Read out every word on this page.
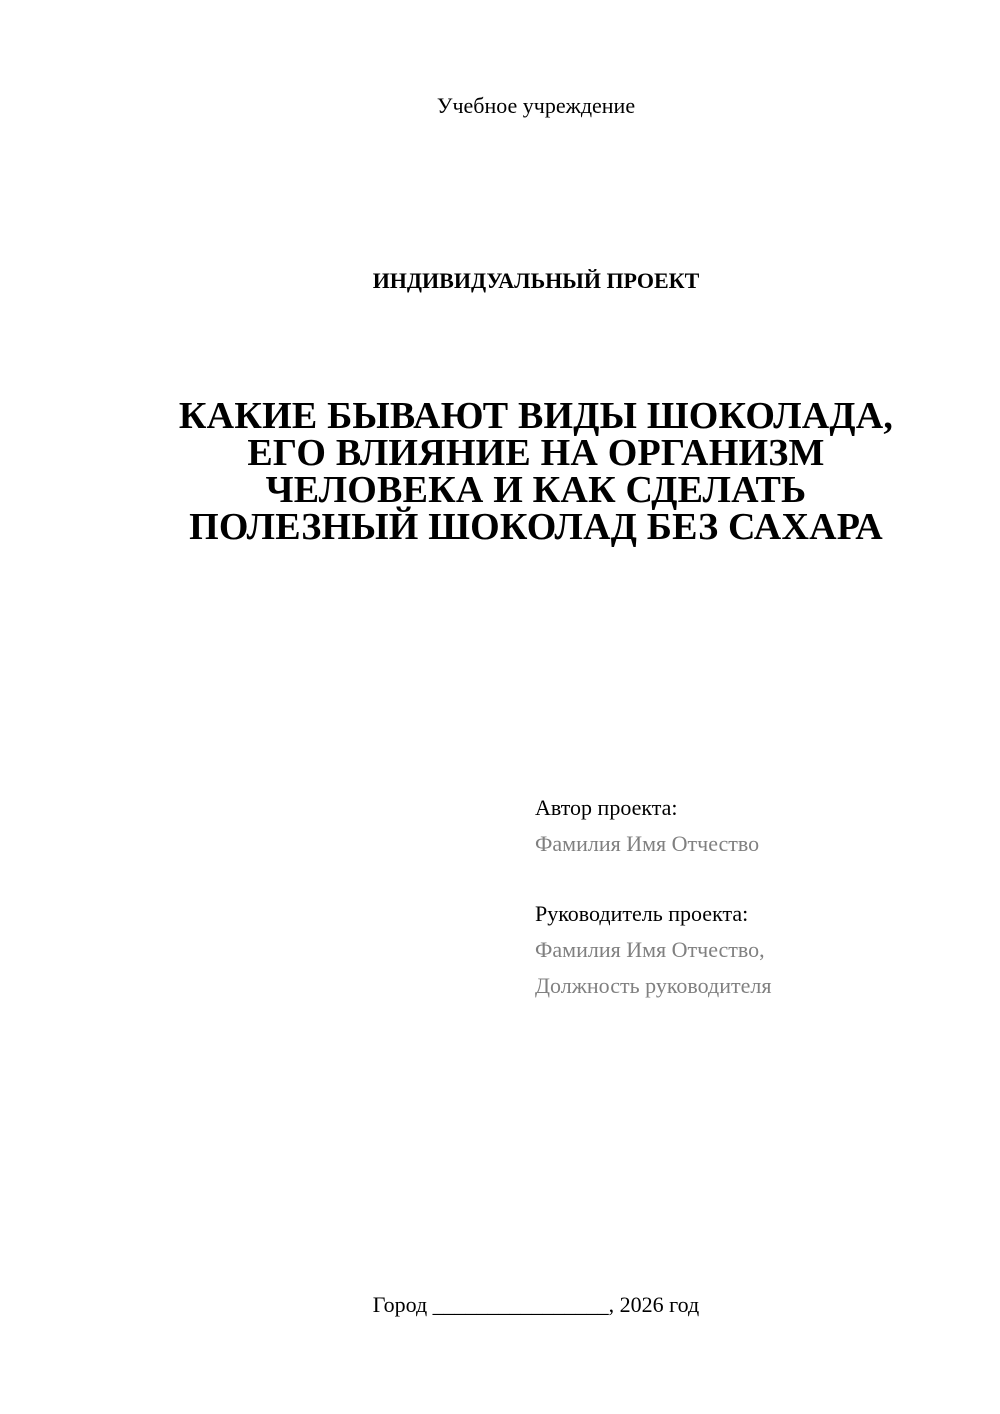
Учебное учреждение
ИНДИВИДУАЛЬНЫЙ ПРОЕКТ
КАКИЕ БЫВАЮТ ВИДЫ ШОКОЛАДА,
ЕГО ВЛИЯНИЕ НА ОРГАНИЗМ
ЧЕЛОВЕКА И КАК СДЕЛАТЬ
ПОЛЕЗНЫЙ ШОКОЛАД БЕЗ САХАРА
Автор проекта:
Фамилия Имя Отчество
Руководитель проекта:
Фамилия Имя Отчество,
Должность руководителя
Город ________________, 2026 год
